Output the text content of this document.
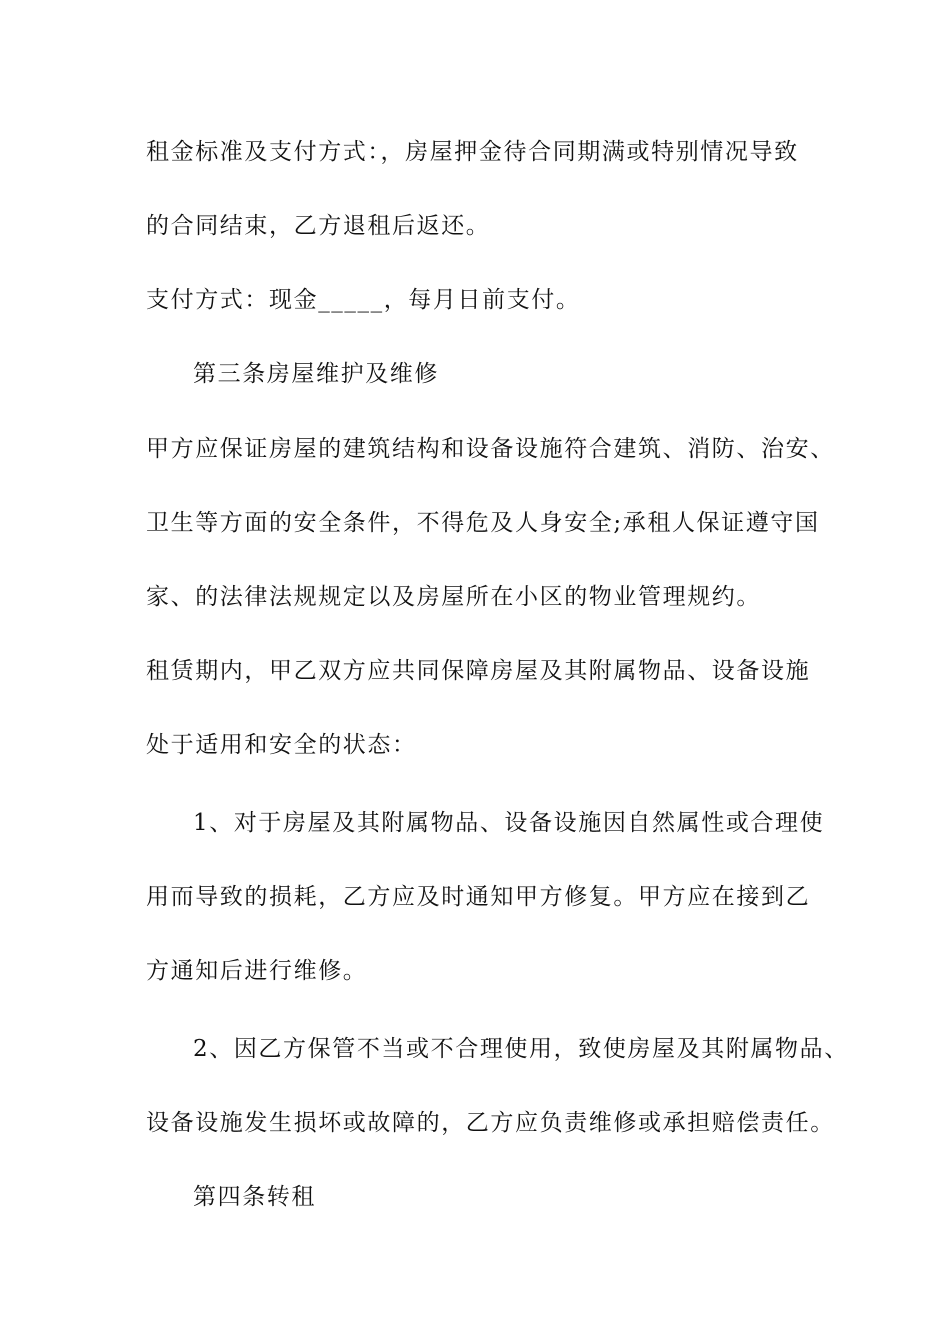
租金标准及支付方式：，房屋押金待合同期满或特别情况导致
的合同结束，乙方退租后返还。
支付方式：现金_____，每月日前支付。
第三条房屋维护及维修
甲方应保证房屋的建筑结构和设备设施符合建筑、消防、治安、
卫生等方面的安全条件，不得危及人身安全;承租人保证遵守国
家、的法律法规规定以及房屋所在小区的物业管理规约。
租赁期内，甲乙双方应共同保障房屋及其附属物品、设备设施
处于适用和安全的状态：
1、对于房屋及其附属物品、设备设施因自然属性或合理使
用而导致的损耗，乙方应及时通知甲方修复。甲方应在接到乙
方通知后进行维修。
2、因乙方保管不当或不合理使用，致使房屋及其附属物品、
设备设施发生损坏或故障的，乙方应负责维修或承担赔偿责任。
第四条转租
